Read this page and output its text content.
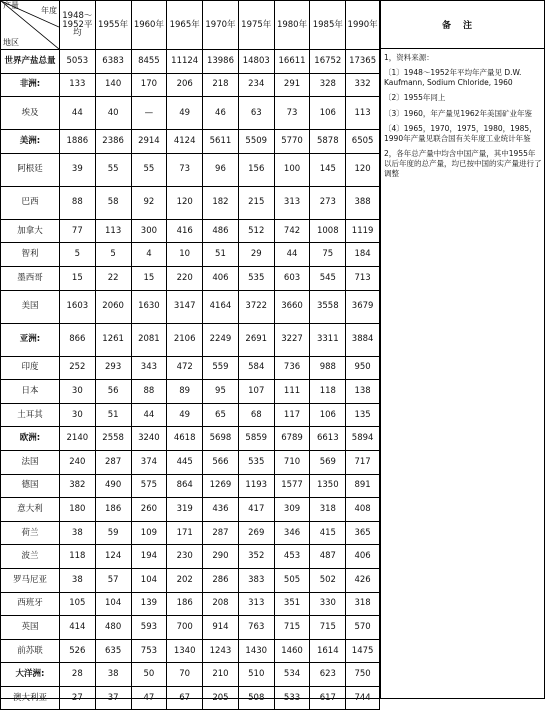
产量
年度
地区	1948～1952平均	1955年	1960年	1965年	1970年	1975年	1980年	1985年	1990年
世界产盐总量	5053	6383	8455	11124	13986	14803	16611	16752	17365
非洲:	133	140	170	206	218	234	291	328	332
埃及	44	40	—	49	46	63	73	106	113
美洲:	1886	2386	2914	4124	5611	5509	5770	5878	6505
阿根廷	39	55	55	73	96	156	100	145	120
巴西	88	58	92	120	182	215	313	273	388
加拿大	77	113	300	416	486	512	742	1008	1119
智利	5	5	4	10	51	29	44	75	184
墨西哥	15	22	15	220	406	535	603	545	713
美国	1603	2060	1630	3147	4164	3722	3660	3558	3679
亚洲:	866	1261	2081	2106	2249	2691	3227	3311	3884
印度	252	293	343	472	559	584	736	988	950
日本	30	56	88	89	95	107	111	118	138
土耳其	30	51	44	49	65	68	117	106	135
欧洲:	2140	2558	3240	4618	5698	5859	6789	6613	5894
法国	240	287	374	445	566	535	710	569	717
德国	382	490	575	864	1269	1193	1577	1350	891
意大利	180	186	260	319	436	417	309	318	408
荷兰	38	59	109	171	287	269	346	415	365
波兰	118	124	194	230	290	352	453	487	406
罗马尼亚	38	57	104	202	286	383	505	502	426
西班牙	105	104	139	186	208	313	351	330	318
英国	414	480	593	700	914	763	715	715	570
前苏联	526	635	753	1340	1243	1430	1460	1614	1475
大洋洲:	28	38	50	70	210	510	534	623	750
澳大利亚	27	37	47	67	205	508	533	617	744
备注

1，资料来源：

〔1〕1948～1952年平均年产量见 D.W. Kaufmann, Sodium Chloride, 1960

〔2〕1955年同上

〔3〕1960，年产量见1962年美国矿业年鉴

〔4〕1965，1970，1975，1980，1985，1990年产量见联合国有关年度工业统计年鉴

2，各年总产量中均含中国产量，其中1955年以后年度的总产量，均已按中国的实产量进行了调整
